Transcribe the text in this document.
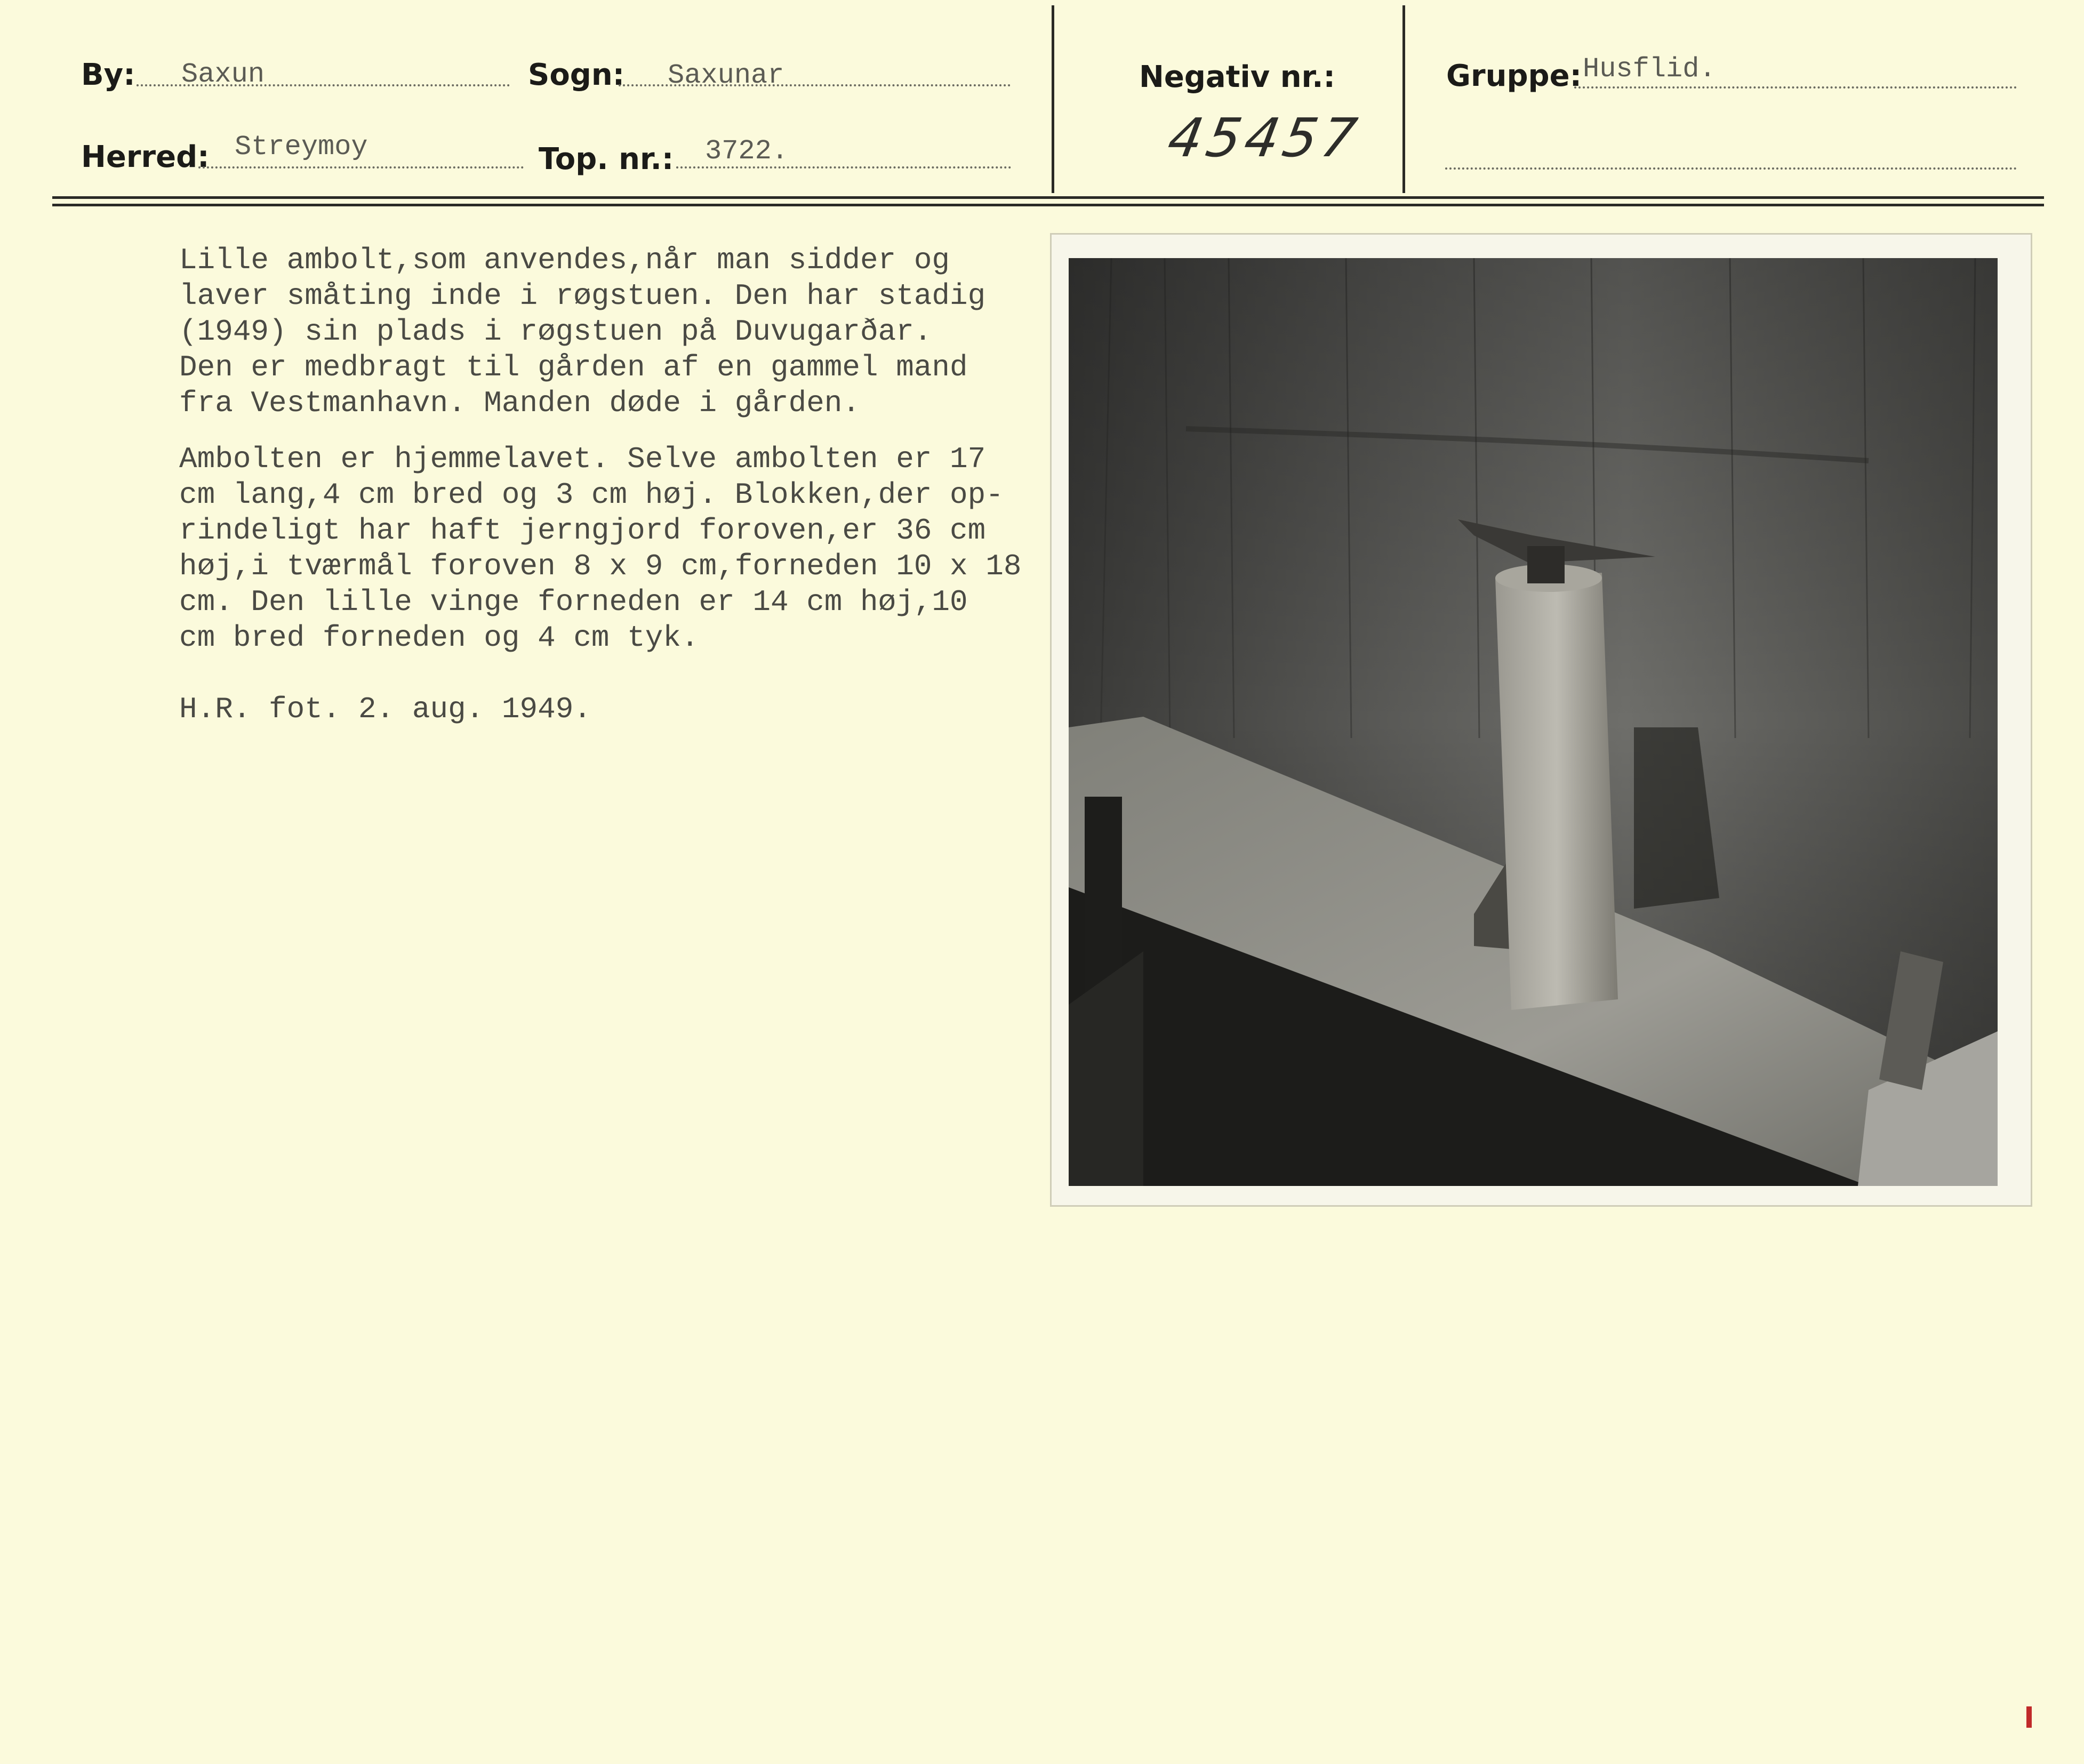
By: Saxun	Sogn: Saxunar
Herred: Streymoy	Top. nr.: 3722.
Negativ nr.:
45457
Gruppe: Husflid.
Lille ambolt,som anvendes,når man sidder og
laver småting inde i røgstuen. Den har stadig
(1949) sin plads i røgstuen på Duvugarðar.
Den er medbragt til gården af en gammel mand
fra Vestmanhavn. Manden døde i gården.
Ambolten er hjemmelavet. Selve ambolten er 17
cm lang,4 cm bred og 3 cm høj. Blokken,der op-
rindeligt har haft jerngjord foroven,er 36 cm
høj,i tværmål foroven 8 x 9 cm,forneden 10 x 18
cm. Den lille vinge forneden er 14 cm høj,10
cm bred forneden og 4 cm tyk.
H.R. fot. 2. aug. 1949.
